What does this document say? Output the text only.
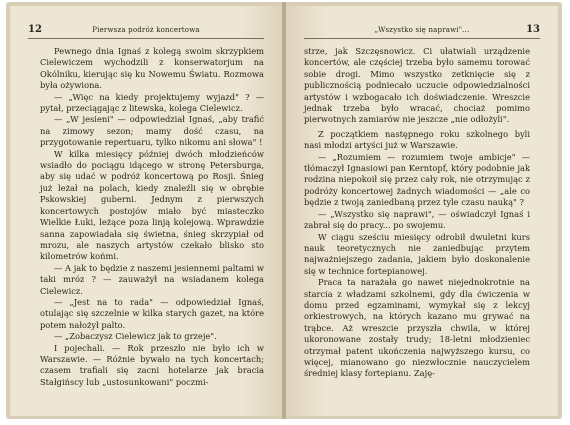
12	Pierwsza podróż koncertowa

Pewnego dnia Ignaś z kolegą swoim skrzypkiem Cielewiczem wychodzili z konserwatorjum na Okólniku, kierując się ku Nowemu Światu. Rozmowa była ożywiona.

— „Więc na kiedy projektujemy wyjazd" ? — pytał, przeciągając z litewska, kolega Cielewicz.

— „W jesieni" — odpowiedział Ignaś, „aby trafić na zimowy sezon; mamy dość czasu, na przygotowanie repertuaru, tylko nikomu ani słowa" !

W kilka miesięcy później dwóch młodzieńców wsiadło do pociągu idącego w stronę Petersburga, aby się udać w podróż koncertową po Rosji. Śnieg już leżał na polach, kiedy znaleźli się w obrębie Pskowskiej guberni. Jednym z pierwszych koncertowych postojów miało być miasteczko Wielkie Łuki, leżące poza linją kolejową. Wprawdzie sanna zapowiadała się świetna, śnieg skrzypiał od mrozu, ale naszych artystów czekało blisko sto kilometrów końmi.

— A jak to będzie z naszemi jesiennemi paltami w taki mróz ? — zauważył na wsiadanem kolega Cielewicz.

— „Jest na to rada" — odpowiedział Ignaś, otulając się szczelnie w kilka starych gazet, na które potem nałożył palto.

— „Zobaczysz Cielewicz jak to grzeje".

I pojechali. — Rok przeszło nie było ich w Warszawie. — Różnie bywało na tych koncertach; czasem trafiali się zacni hotelarze jak bracia Stałgińscy lub „ustosunkowani" poczmi-

„Wszystko się naprawi"...	13

strze, jak Szczęsnowicz. Ci ułatwiali urządzenie koncertów, ale częściej trzeba było samemu torować sobie drogi. Mimo wszystko zetknięcie się z publicznością podniecało uczucie odpowiedzialności artystów i wzbogacało ich doświadczenie. Wreszcie jednak trzeba było wracać, chociaż pomimo pierwotnych zamiarów nie jeszcze „nie odłożyli".

Z początkiem następnego roku szkolnego byli nasi młodzi artyści już w Warszawie.

— „Rozumiem — rozumiem twoje ambicje" — tłómaczył Ignasiowi pan Kerntopf, który podobnie jak rodzina niepokoił się przez cały rok, nie otrzymując z podróży koncertowej żadnych wiadomości — „ale co będzie z twoją zaniedbaną przez tyle czasu nauką" ?

— „Wszystko się naprawi", — oświadczył Ignaś i zabrał się do pracy... po swojemu.

W ciągu sześciu miesięcy odrobił dwuletni kurs nauk teoretycznych nie zaniedbując przytem najważniejszego zadania, jakiem było doskonalenie się w technice fortepianowej.

Praca ta narażała go nawet niejednokrotnie na starcia z władzami szkolnemi, gdy dla ćwiczenia w domu przed egzaminami, wymykał się z lekcyj orkiestrowych, na których kazano mu grywać na trąbce. Aż wreszcie przyszła chwila, w której ukoronowane zostały trudy; 18-letni młodzieniec otrzymał patent ukończenia najwyższego kursu, co więcej, mianowano go niezwłocznie nauczycielem średniej klasy fortepianu. Zaję-
